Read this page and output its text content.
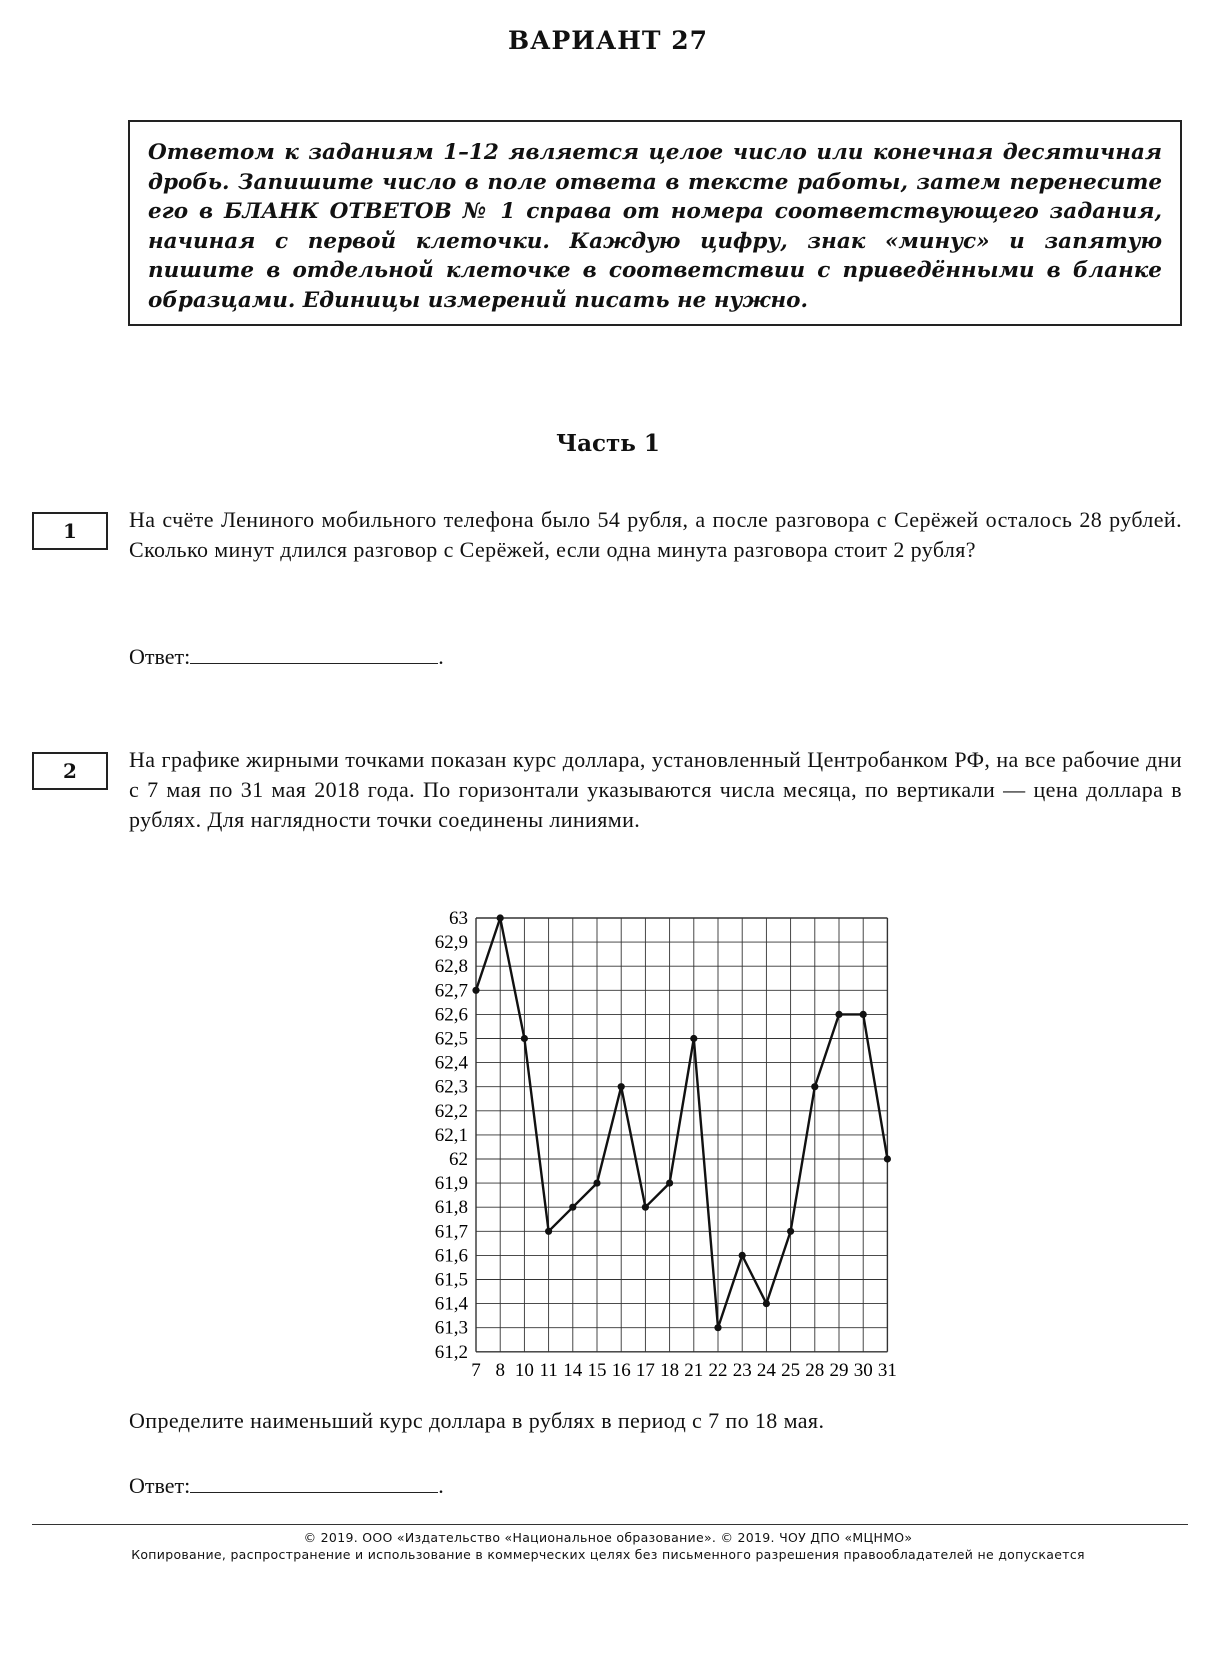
ВАРИАНТ 27
Ответом к заданиям 1–12 является целое число или конечная десятичная дробь. Запишите число в поле ответа в тексте работы, затем перенесите его в БЛАНК ОТВЕТОВ № 1 справа от номера соответствующего задания, начиная с первой клеточки. Каждую цифру, знак «минус» и запятую пишите в отдельной клеточке в соответствии с приведёнными в бланке образцами. Единицы измерений писать не нужно.
Часть 1
1	На счёте Лениного мобильного телефона было 54 рубля, а после разговора с Серёжей осталось 28 рублей. Сколько минут длился разговор с Серёжей, если одна минута разговора стоит 2 рубля?
Ответ:	.
2	На графике жирными точками показан курс доллара, установленный Центробанком РФ, на все рабочие дни с 7 мая по 31 мая 2018 года. По горизонтали указываются числа месяца, по вертикали — цена доллара в рублях. Для наглядности точки соединены линиями.
63
62,9
62,8
62,7
62,6
62,5
62,4
62,3
62,2
62,1
62
61,9
61,8
61,7
61,6
61,5
61,4
61,3
61,2
7 8 10 11 14 15 16 17 18 21 22 23 24 25 28 29 30 31
Определите наименьший курс доллара в рублях в период с 7 по 18 мая.
Ответ:	.
© 2019. ООО «Издательство «Национальное образование». © 2019. ЧОУ ДПО «МЦНМО»
Копирование, распространение и использование в коммерческих целях без письменного разрешения правообладателей не допускается
